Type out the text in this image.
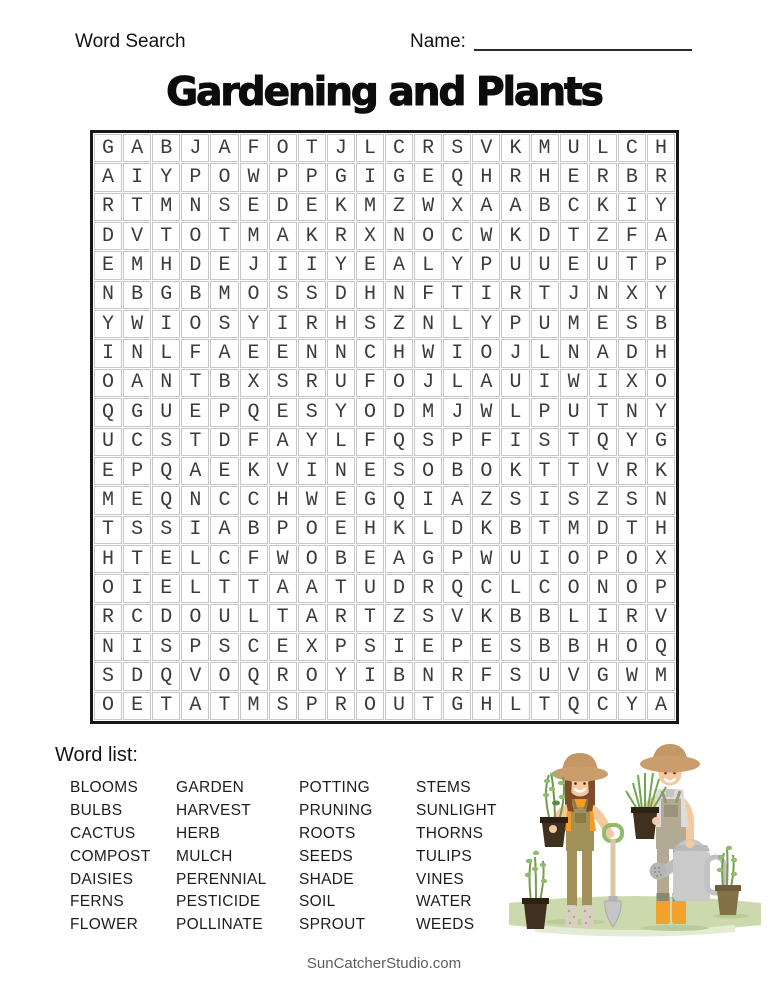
Word Search	Name:
Gardening and Plants
G A B J A F O T J L C R S V K M U L C H
A I Y P O W P P G I G E Q H R H E R B R
R T M N S E D E K M Z W X A A B C K I Y
D V T O T M A K R X N O C W K D T Z F A
E M H D E J I I Y E A L Y P U U E U T P
N B G B M O S S D H N F T I R T J N X Y
Y W I O S Y I R H S Z N L Y P U M E S B
I N L F A E E N N C H W I O J L N A D H
O A N T B X S R U F O J L A U I W I X O
Q G U E P Q E S Y O D M J W L P U T N Y
U C S T D F A Y L F Q S P F I S T Q Y G
E P Q A E K V I N E S O B O K T T V R K
M E Q N C C H W E G Q I A Z S I S Z S N
T S S I A B P O E H K L D K B T M D T H
H T E L C F W O B E A G P W U I O P O X
O I E L T T A A T U D R Q C L C O N O P
R C D O U L T A R T Z S V K B B L I R V
N I S P S C E X P S I E P E S B B H O Q
S D Q V O Q R O Y I B N R F S U V G W M
O E T A T M S P R O U T G H L T Q C Y A
Word list:
BLOOMS
BULBS
CACTUS
COMPOST
DAISIES
FERNS
FLOWER
GARDEN
HARVEST
HERB
MULCH
PERENNIAL
PESTICIDE
POLLINATE
POTTING
PRUNING
ROOTS
SEEDS
SHADE
SOIL
SPROUT
STEMS
SUNLIGHT
THORNS
TULIPS
VINES
WATER
WEEDS
SunCatcherStudio.com
